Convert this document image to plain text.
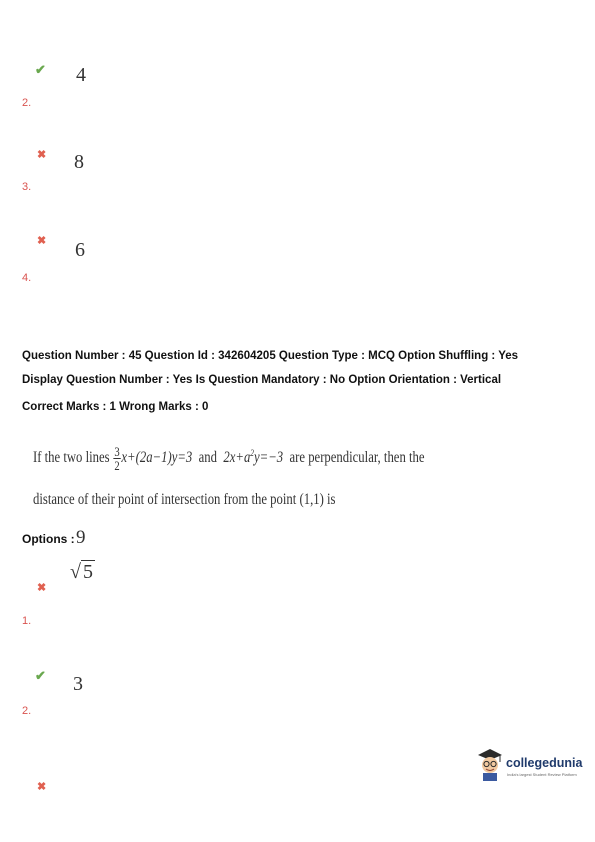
✔ 4
2.
✖ 8
3.
✖ 6
4.
Question Number : 45 Question Id : 342604205 Question Type : MCQ Option Shuffling : Yes
Display Question Number : Yes Is Question Mandatory : No Option Orientation : Vertical
Correct Marks : 1 Wrong Marks : 0
If the two lines
$\frac{3}{2} x+(2a-1)y=3$
and
$2x+a^2y=-3$
are perpendicular, then the
distance of their point of intersection from the point (1,1) is
Options : 9
√ 5
✖
1.
✔ 3
2.
✖
collegedunia
India's largest Student Review Platform
